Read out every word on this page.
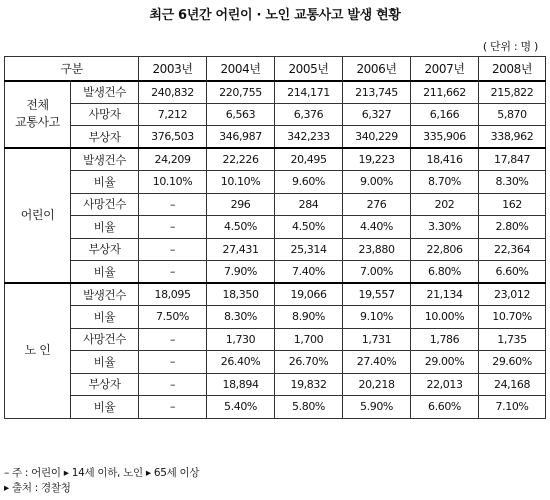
최근 6년간 어린이 · 노인 교통사고 발생 현황
( 단위 : 명 )
구분		2003년	2004년	2005년	2006년	2007년	2008년
전체
교통사고	발생건수	240,832	220,755	214,171	213,745	211,662	215,822
	사망자	7,212	6,563	6,376	6,327	6,166	5,870
	부상자	376,503	346,987	342,233	340,229	335,906	338,962
어린이	발생건수	24,209	22,226	20,495	19,223	18,416	17,847
	비율	10.10%	10.10%	9.60%	9.00%	8.70%	8.30%
	사망건수	–	296	284	276	202	162
	비율	–	4.50%	4.50%	4.40%	3.30%	2.80%
	부상자	–	27,431	25,314	23,880	22,806	22,364
	비율	–	7.90%	7.40%	7.00%	6.80%	6.60%
노 인	발생건수	18,095	18,350	19,066	19,557	21,134	23,012
	비율	7.50%	8.30%	8.90%	9.10%	10.00%	10.70%
	사망건수	–	1,730	1,700	1,731	1,786	1,735
	비율	–	26.40%	26.70%	27.40%	29.00%	29.60%
	부상자	–	18,894	19,832	20,218	22,013	24,168
	비율	–	5.40%	5.80%	5.90%	6.60%	7.10%
– 주 : 어린이 ▸ 14세 이하, 노인 ▸ 65세 이상
▸ 출처 : 경찰청
